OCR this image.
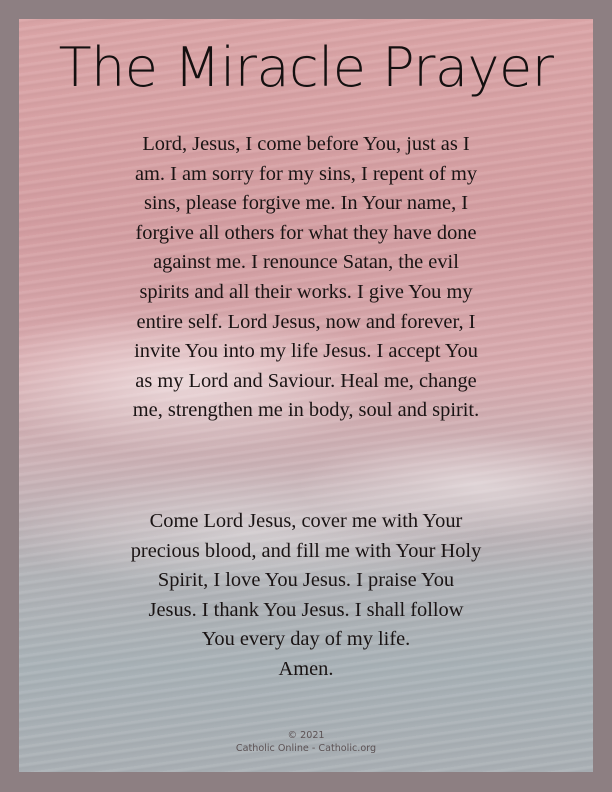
The Miracle Prayer
Lord, Jesus, I come before You, just as I
am. I am sorry for my sins, I repent of my
sins, please forgive me. In Your name, I
forgive all others for what they have done
against me. I renounce Satan, the evil
spirits and all their works. I give You my
entire self. Lord Jesus, now and forever, I
invite You into my life Jesus. I accept You
as my Lord and Saviour. Heal me, change
me, strengthen me in body, soul and spirit.
Come Lord Jesus, cover me with Your
precious blood, and fill me with Your Holy
Spirit, I love You Jesus. I praise You
Jesus. I thank You Jesus. I shall follow
You every day of my life.
Amen.
© 2021
Catholic Online - Catholic.org
